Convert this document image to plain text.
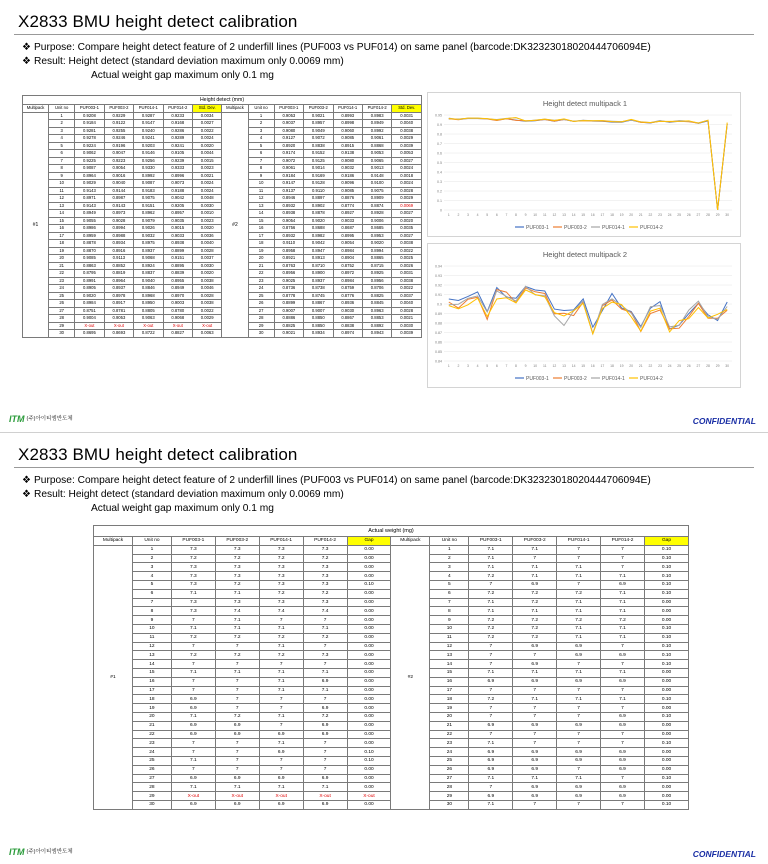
X2833 BMU height detect calibration
❖ Purpose: Compare height detect feature of 2 underfill lines (PUF003 vs PUF014) on same panel (barcode:DK32323018020444706094E)
❖ Result: Height detect (standard deviation maximum only 0.0069 mm)
Actual weight gap maximum only 0.1 mg
Height detect (mm)													
Multipack	Unit no	PUF003-1	PUF003-2	PUF014-1	PUF014-2	Std. Dev.	Multipack	Unit no	PUF003-1	PUF003-2	PUF014-1	PUF014-2	Std. Dev.
#1	1	0.9208	0.9229	0.9287	0.9233	0.0034	#2	1	0.9053	0.9021	0.8993	0.8983	0.0031
	2	0.9184	0.9122	0.9147	0.9168	0.0027		2	0.9037	0.8957	0.8998	0.8949	0.0040
	3	0.9281	0.9255	0.9240	0.9286	0.0022		3	0.9080	0.9049	0.9060	0.8992	0.0038
	4	0.9278	0.9246	0.9241	0.9289	0.0024		4	0.9127	0.9072	0.9085	0.9061	0.0029
	5	0.9224	0.9196	0.9203	0.9241	0.0020		5	0.8920	0.8838	0.8915	0.8868	0.0039
	6	0.9062	0.9047	0.9146	0.9105	0.0044		6	0.9174	0.9152	0.9138	0.9053	0.0053
	7	0.9225	0.9223	0.9256	0.9239	0.0015		7	0.9072	0.9125	0.9080	0.9065	0.0027
	8	0.9087	0.9054	0.9330	0.9333	0.0023		8	0.9061	0.9014	0.9032	0.9013	0.0024
	9	0.8964	0.9016	0.8992	0.8996	0.0021		9	0.9184	0.9169	0.9186	0.9148	0.0018
	10	0.9029	0.9040	0.9087	0.9073	0.0024		10	0.9147	0.9128	0.9096	0.9100	0.0024
	11	0.9143	0.9144	0.9183	0.9188	0.0024		11	0.9137	0.9110	0.9085	0.9075	0.0028
	12	0.8971	0.8987	0.9075	0.9042	0.0048		12	0.8946	0.8897	0.8876	0.8909	0.0029
	13	0.9143	0.9143	0.9151	0.9205	0.0030		13	0.8932	0.8902	0.8774	0.8874	0.0069
	14	0.8949	0.8973	0.8962	0.8957	0.0010		14	0.8938	0.8878	0.8927	0.8928	0.0027
	15	0.9055	0.9028	0.9079	0.9035	0.0023		15	0.9054	0.9020	0.9033	0.9006	0.0020
	16	0.8986	0.8994	0.9026	0.9015	0.0020		16	0.8756	0.8688	0.8687	0.8685	0.0035
	17	0.8959	0.8988	0.9032	0.9033	0.0036		17	0.8932	0.8982	0.8995	0.8953	0.0027
	18	0.8878	0.8934	0.8975	0.8938	0.0040		18	0.9110	0.9042	0.9054	0.9020	0.0038
	19	0.8870	0.8916	0.8937	0.8899	0.0028		19	0.8958	0.8947	0.8984	0.8994	0.0022
	20	0.9085	0.9113	0.9068	0.9151	0.0037		20	0.8921	0.8913	0.8904	0.8865	0.0025
	21	0.8863	0.8852	0.8924	0.8895	0.0030		21	0.8763	0.8710	0.8752	0.8715	0.0026
	22	0.8795	0.8819	0.8837	0.8839	0.0020		22	0.8956	0.8900	0.8972	0.8925	0.0031
	23	0.8991	0.8964	0.9040	0.8955	0.0038		23	0.9025	0.8937	0.8984	0.8956	0.0038
	24	0.8905	0.8937	0.8846	0.8949	0.0046		24	0.8736	0.8738	0.8759	0.8706	0.0022
	25	0.9020	0.8978	0.8968	0.8970	0.0028		25	0.8778	0.8745	0.8776	0.8825	0.0037
	26	0.8984	0.8917	0.8950	0.9003	0.0038		26	0.8899	0.8867	0.8936	0.8845	0.0040
	27	0.8751	0.8781	0.8805	0.8780	0.0022		27	0.9007	0.9007	0.9030	0.8963	0.0028
	28	0.9004	0.9053	0.9063	0.9068	0.0029		28	0.8886	0.8850	0.8867	0.8853	0.0021
	29	X-out	X-out	X-out	X-out	X-out		29	0.8825	0.8850	0.8838	0.8892	0.0030
	30	0.8695	0.8693	0.8722	0.8827	0.0063		30	0.9021	0.8934	0.8974	0.8943	0.0039
Height detect multipack 1
0
0.1
0.2
0.3
0.4
0.5
0.6
0.7
0.8
0.9
0.95
1 2 3 4 5 6 7 8 9 10 11 12 13 14 15 16 17 18 19 20 21 22 23 24 25 26 27 28 29 30
PUF003-1	PUF003-2	PUF014-1	PUF014-2
Height detect multipack 2
0.84
0.85
0.86
0.87
0.88
0.89
0.9
0.91
0.92
0.93
0.94
1 2 3 4 5 6 7 8 9 10 11 12 13 14 15 16 17 18 19 20 21 22 23 24 25 26 27 28 29 30
PUF003-1	PUF003-2	PUF014-1	PUF014-2
ITM (주)아이티엠반도체	CONFIDENTIAL
X2833 BMU height detect calibration
❖ Purpose: Compare height detect feature of 2 underfill lines (PUF003 vs PUF014) on same panel (barcode:DK32323018020444706094E)
❖ Result: Height detect (standard deviation maximum only 0.0069 mm)
Actual weight gap maximum only 0.1 mg
Actual weight (mg)													
Multipack	Unit no	PUF003-1	PUF003-2	PUF014-1	PUF014-2	Gap	Multipack	Unit no	PUF003-1	PUF003-2	PUF014-1	PUF014-2	Gap
#1	1	7.3	7.3	7.3	7.3	0.00	#2	1	7.1	7.1	7	7	0.10
	2	7.2	7.2	7.2	7.2	0.00		2	7.1	7	7	7	0.10
	3	7.3	7.3	7.3	7.3	0.00		3	7.1	7.1	7.1	7	0.10
	4	7.3	7.3	7.3	7.3	0.00		4	7.2	7.1	7.1	7.1	0.10
	5	7.3	7.2	7.3	7.3	0.10		5	7	6.9	7	6.9	0.10
	6	7.1	7.1	7.2	7.2	0.00		6	7.2	7.2	7.2	7.1	0.10
	7	7.3	7.3	7.3	7.3	0.00		7	7.1	7.2	7.1	7.1	0.00
	8	7.3	7.4	7.4	7.4	0.00		8	7.1	7.1	7.1	7.1	0.00
	9	7	7.1	7	7	0.00		9	7.2	7.2	7.2	7.2	0.00
	10	7.1	7.1	7.1	7.1	0.00		10	7.2	7.2	7.1	7.1	0.10
	11	7.2	7.2	7.2	7.2	0.00		11	7.2	7.2	7.1	7.1	0.10
	12	7	7	7.1	7	0.00		12	7	6.9	6.9	7	0.10
	13	7.2	7.2	7.2	7.3	0.00		13	7	7	6.9	6.9	0.10
	14	7	7	7	7	0.00		14	7	6.9	7	7	0.10
	15	7.1	7.1	7.1	7.1	0.00		15	7.1	7.1	7.1	7.1	0.00
	16	7	7	7.1	6.9	0.00		16	6.9	6.9	6.9	6.9	0.00
	17	7	7	7.1	7.1	0.00		17	7	7	7	7	0.00
	18	6.9	7	7	7	0.00		18	7.2	7.1	7.1	7.1	0.10
	19	6.9	7	7	6.9	0.00		19	7	7	7	7	0.00
	20	7.1	7.2	7.1	7.2	0.00		20	7	7	7	6.9	0.10
	21	6.9	6.9	7	6.9	0.00		21	6.9	6.9	6.9	6.9	0.00
	22	6.9	6.9	6.9	6.9	0.00		22	7	7	7	7	0.00
	23	7	7	7.1	7	0.00		23	7.1	7	7	7	0.10
	24	7	7	6.9	7	0.10		24	6.9	6.9	6.9	6.9	0.00
	25	7.1	7	7	7	0.10		25	6.9	6.9	6.9	6.9	0.00
	26	7	7	7	7	0.00		26	6.9	6.9	7	6.9	0.00
	27	6.9	6.9	6.9	6.9	0.00		27	7.1	7.1	7.1	7	0.10
	28	7.1	7.1	7.1	7.1	0.00		28	7	6.9	6.9	6.9	0.00
	29	X-out	X-out	X-out	X-out	X-out		29	6.9	6.9	6.9	6.9	0.00
	30	6.9	6.9	6.9	6.9	0.00		30	7.1	7	7	7	0.10
ITM (주)아이티엠반도체	CONFIDENTIAL
